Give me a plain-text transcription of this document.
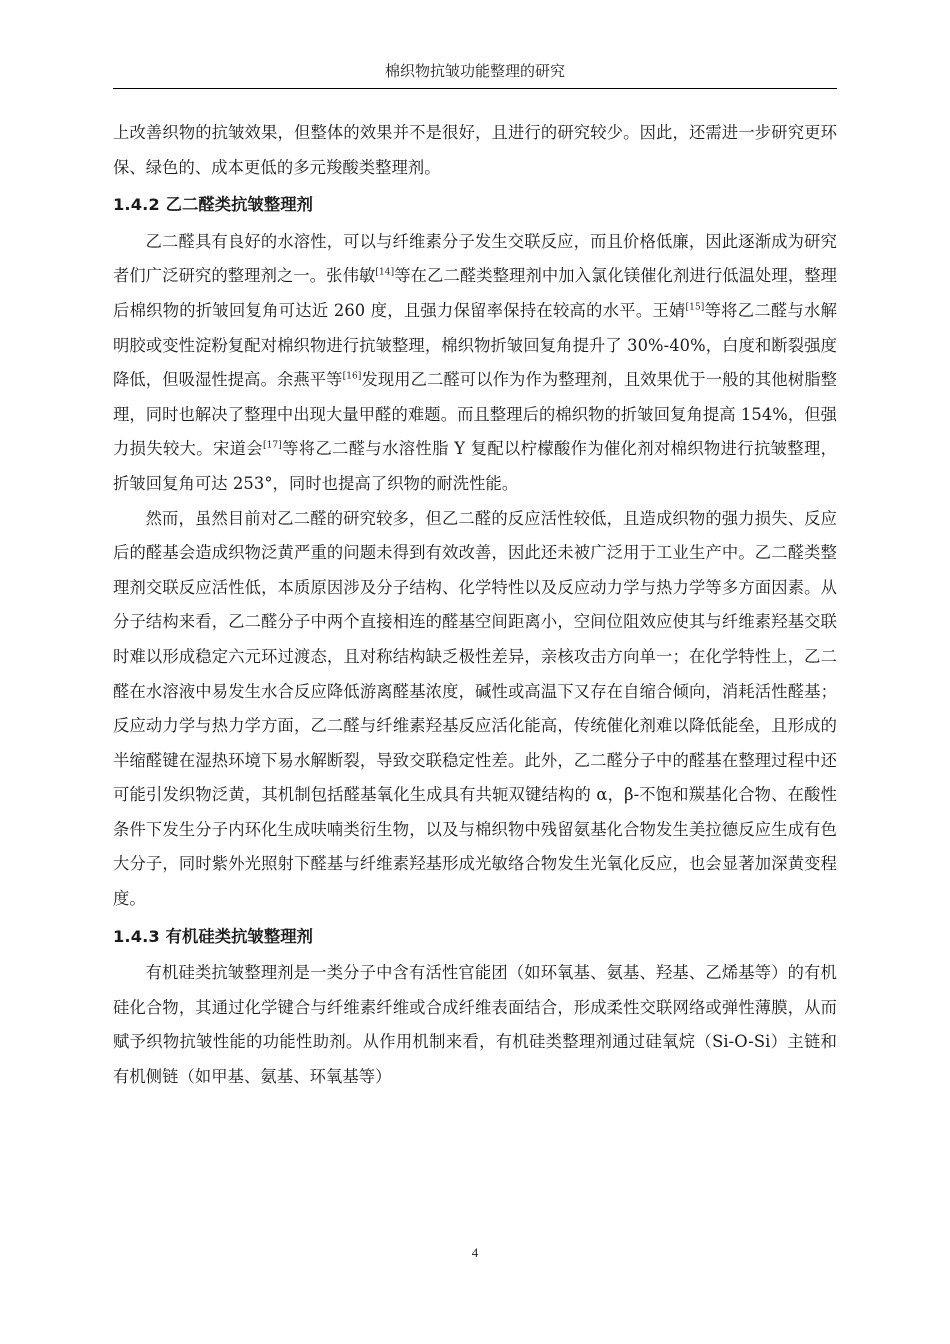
棉织物抗皱功能整理的研究

上改善织物的抗皱效果，但整体的效果并不是很好，且进行的研究较少。因此，还需进一步研究更环保、绿色的、成本更低的多元羧酸类整理剂。

1.4.2 乙二醛类抗皱整理剂

乙二醛具有良好的水溶性，可以与纤维素分子发生交联反应，而且价格低廉，因此逐渐成为研究者们广泛研究的整理剂之一。张伟敏[14]等在乙二醛类整理剂中加入氯化镁催化剂进行低温处理，整理后棉织物的折皱回复角可达近 260 度，且强力保留率保持在较高的水平。王婧[15]等将乙二醛与水解明胶或变性淀粉复配对棉织物进行抗皱整理，棉织物折皱回复角提升了 30%-40%，白度和断裂强度降低，但吸湿性提高。余燕平等[16]发现用乙二醛可以作为作为整理剂，且效果优于一般的其他树脂整理，同时也解决了整理中出现大量甲醛的难题。而且整理后的棉织物的折皱回复角提高 154%，但强力损失较大。宋道会[17]等将乙二醛与水溶性脂 Y 复配以柠檬酸作为催化剂对棉织物进行抗皱整理，折皱回复角可达 253°，同时也提高了织物的耐洗性能。

然而，虽然目前对乙二醛的研究较多，但乙二醛的反应活性较低，且造成织物的强力损失、反应后的醛基会造成织物泛黄严重的问题未得到有效改善，因此还未被广泛用于工业生产中。乙二醛类整理剂交联反应活性低，本质原因涉及分子结构、化学特性以及反应动力学与热力学等多方面因素。从分子结构来看，乙二醛分子中两个直接相连的醛基空间距离小，空间位阻效应使其与纤维素羟基交联时难以形成稳定六元环过渡态，且对称结构缺乏极性差异，亲核攻击方向单一；在化学特性上，乙二醛在水溶液中易发生水合反应降低游离醛基浓度，碱性或高温下又存在自缩合倾向，消耗活性醛基；反应动力学与热力学方面，乙二醛与纤维素羟基反应活化能高，传统催化剂难以降低能垒，且形成的半缩醛键在湿热环境下易水解断裂，导致交联稳定性差。此外，乙二醛分子中的醛基在整理过程中还可能引发织物泛黄，其机制包括醛基氧化生成具有共轭双键结构的 α，β-不饱和羰基化合物、在酸性条件下发生分子内环化生成呋喃类衍生物，以及与棉织物中残留氨基化合物发生美拉德反应生成有色大分子，同时紫外光照射下醛基与纤维素羟基形成光敏络合物发生光氧化反应，也会显著加深黄变程度。

1.4.3 有机硅类抗皱整理剂

有机硅类抗皱整理剂是一类分子中含有活性官能团（如环氧基、氨基、羟基、乙烯基等）的有机硅化合物，其通过化学键合与纤维素纤维或合成纤维表面结合，形成柔性交联网络或弹性薄膜，从而赋予织物抗皱性能的功能性助剂。从作用机制来看，有机硅类整理剂通过硅氧烷（Si-O-Si）主链和有机侧链（如甲基、氨基、环氧基等）

4
